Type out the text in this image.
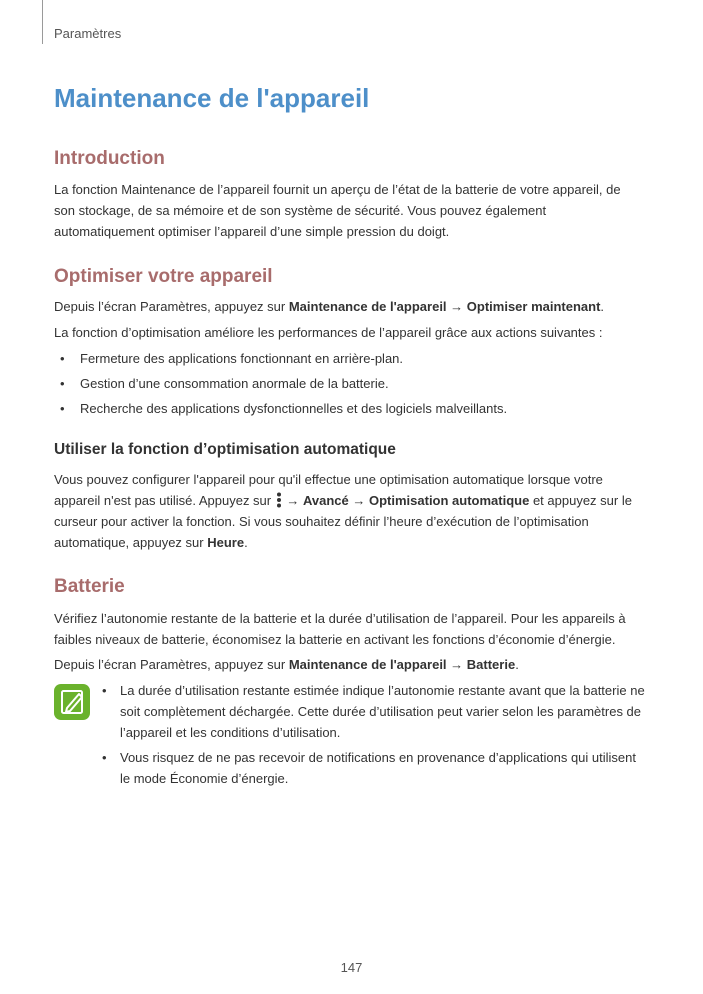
Paramètres
Maintenance de l'appareil
Introduction

La fonction Maintenance de l’appareil fournit un aperçu de l’état de la batterie de votre appareil, de son stockage, de sa mémoire et de son système de sécurité. Vous pouvez également automatiquement optimiser l’appareil d’une simple pression du doigt.

Optimiser votre appareil

Depuis l’écran Paramètres, appuyez sur Maintenance de l'appareil → Optimiser maintenant.

La fonction d’optimisation améliore les performances de l’appareil grâce aux actions suivantes :

• Fermeture des applications fonctionnant en arrière-plan.
• Gestion d’une consommation anormale de la batterie.
• Recherche des applications dysfonctionnelles et des logiciels malveillants.
Utiliser la fonction d’optimisation automatique

Vous pouvez configurer l'appareil pour qu'il effectue une optimisation automatique lorsque votre appareil n'est pas utilisé. Appuyez sur  → Avancé → Optimisation automatique et appuyez sur le curseur pour activer la fonction. Si vous souhaitez définir l’heure d’exécution de l’optimisation automatique, appuyez sur Heure.

Batterie

Vérifiez l’autonomie restante de la batterie et la durée d’utilisation de l’appareil. Pour les appareils à faibles niveaux de batterie, économisez la batterie en activant les fonctions d’économie d’énergie.

Depuis l’écran Paramètres, appuyez sur Maintenance de l'appareil → Batterie.

• La durée d’utilisation restante estimée indique l’autonomie restante avant que la batterie ne soit complètement déchargée. Cette durée d’utilisation peut varier selon les paramètres de l’appareil et les conditions d’utilisation.
• Vous risquez de ne pas recevoir de notifications en provenance d’applications qui utilisent le mode Économie d’énergie.
147
